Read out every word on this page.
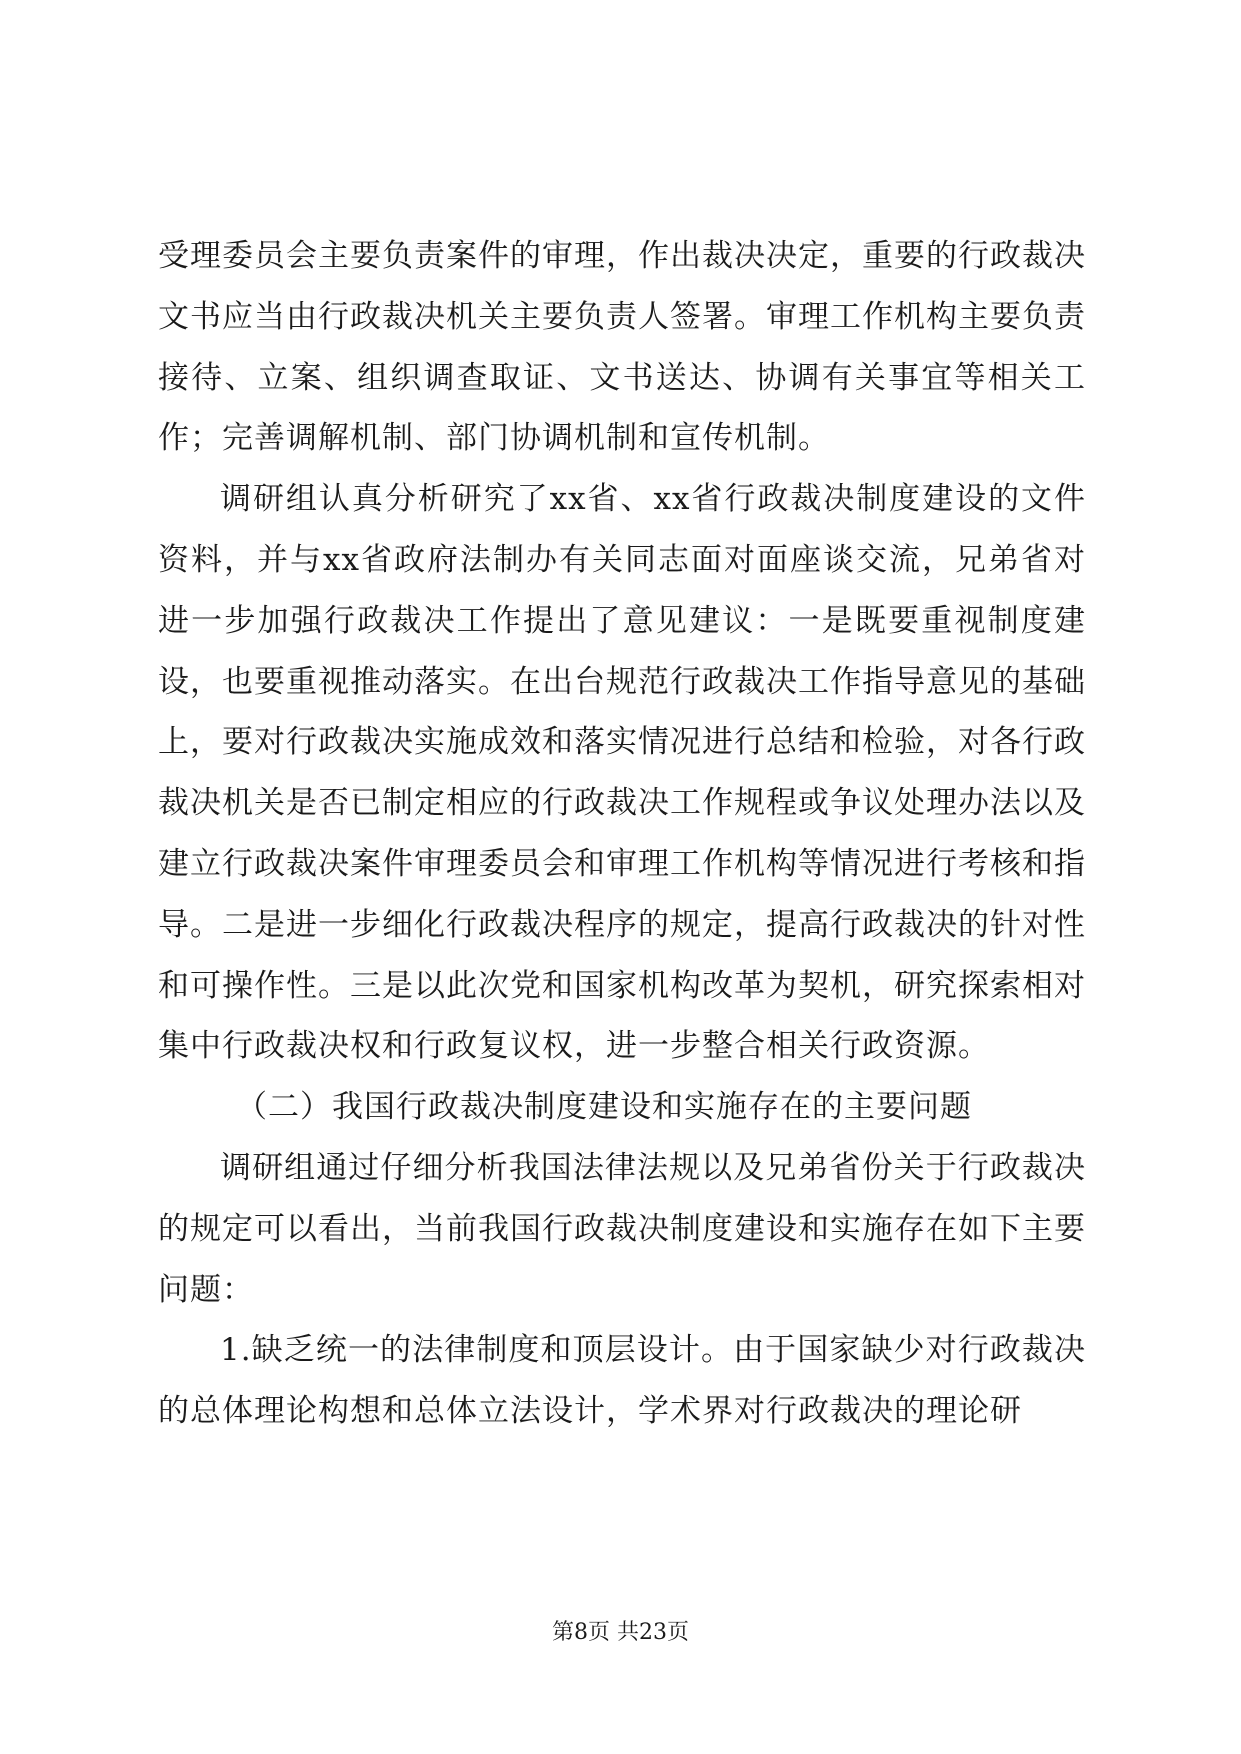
受理委员会主要负责案件的审理，作出裁决决定，重要的行政裁决文书应当由行政裁决机关主要负责人签署。审理工作机构主要负责接待、立案、组织调查取证、文书送达、协调有关事宜等相关工作；完善调解机制、部门协调机制和宣传机制。

调研组认真分析研究了xx省、xx省行政裁决制度建设的文件资料，并与xx省政府法制办有关同志面对面座谈交流，兄弟省对进一步加强行政裁决工作提出了意见建议：一是既要重视制度建设，也要重视推动落实。在出台规范行政裁决工作指导意见的基础上，要对行政裁决实施成效和落实情况进行总结和检验，对各行政裁决机关是否已制定相应的行政裁决工作规程或争议处理办法以及建立行政裁决案件审理委员会和审理工作机构等情况进行考核和指导。二是进一步细化行政裁决程序的规定，提高行政裁决的针对性和可操作性。三是以此次党和国家机构改革为契机，研究探索相对集中行政裁决权和行政复议权，进一步整合相关行政资源。

（二）我国行政裁决制度建设和实施存在的主要问题

调研组通过仔细分析我国法律法规以及兄弟省份关于行政裁决的规定可以看出，当前我国行政裁决制度建设和实施存在如下主要问题：

1.缺乏统一的法律制度和顶层设计。由于国家缺少对行政裁决的总体理论构想和总体立法设计，学术界对行政裁决的理论研

第8页 共23页
